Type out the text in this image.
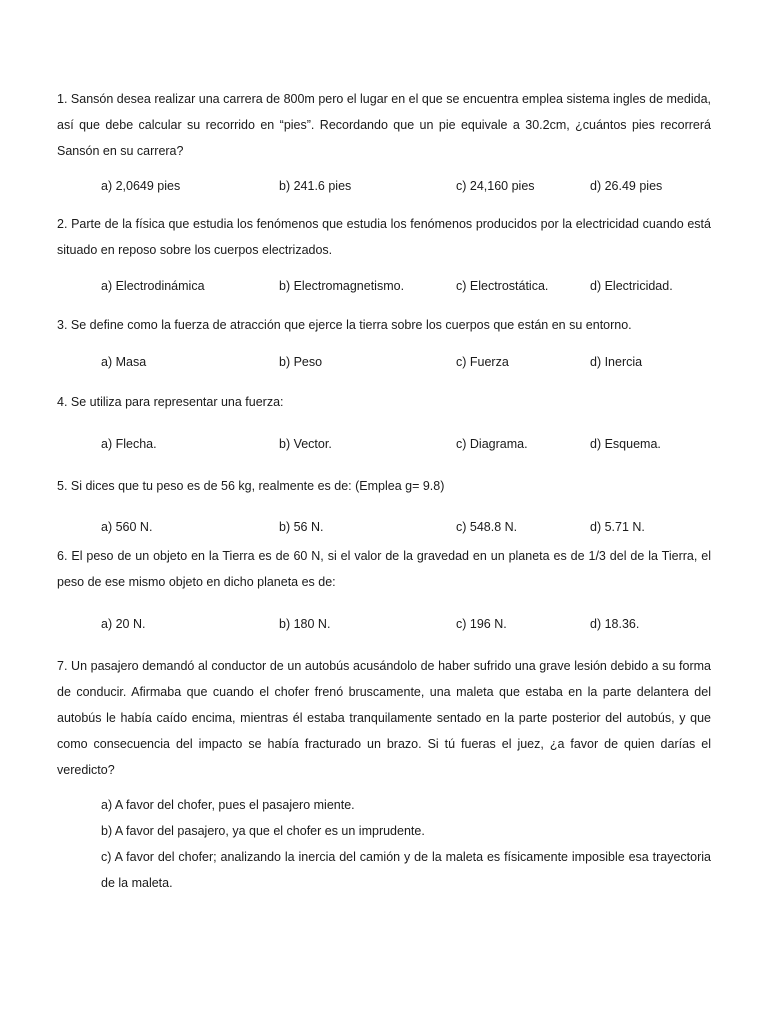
1. Sansón desea realizar una carrera de 800m pero el lugar en el que se encuentra emplea sistema ingles de medida, así que debe calcular su recorrido en “pies”. Recordando que un pie equivale a 30.2cm, ¿cuántos pies recorrerá Sansón en su carrera?

a) 2,0649 pies	b) 241.6 pies	c) 24,160 pies	d) 26.49 pies

2. Parte de la física que estudia los fenómenos que estudia los fenómenos producidos por la electricidad cuando está situado en reposo sobre los cuerpos electrizados.

a) Electrodinámica	b) Electromagnetismo.	c) Electrostática.	d) Electricidad.

3. Se define como la fuerza de atracción que ejerce la tierra sobre los cuerpos que están en su entorno.

a) Masa	b) Peso	c) Fuerza	d) Inercia

4. Se utiliza para representar una fuerza:

a) Flecha.	b) Vector.	c) Diagrama.	d) Esquema.

5. Si dices que tu peso es de 56 kg, realmente es de: (Emplea g= 9.8)

a) 560 N.	b) 56 N.	c) 548.8 N.	d) 5.71 N.

6. El peso de un objeto en la Tierra es de 60 N, si el valor de la gravedad en un planeta es de 1/3 del de la Tierra, el peso de ese mismo objeto en dicho planeta es de:

a) 20 N.	b) 180 N.	c) 196 N.	d) 18.36.

7. Un pasajero demandó al conductor de un autobús acusándolo de haber sufrido una grave lesión debido a su forma de conducir. Afirmaba que cuando el chofer frenó bruscamente, una maleta que estaba en la parte delantera del autobús le había caído encima, mientras él estaba tranquilamente sentado en la parte posterior del autobús, y que como consecuencia del impacto se había fracturado un brazo. Si tú fueras el juez, ¿a favor de quien darías el veredicto?

a) A favor del chofer, pues el pasajero miente.

b) A favor del pasajero, ya que el chofer es un imprudente.

c) A favor del chofer; analizando la inercia del camión y de la maleta es físicamente imposible esa trayectoria de la maleta.
